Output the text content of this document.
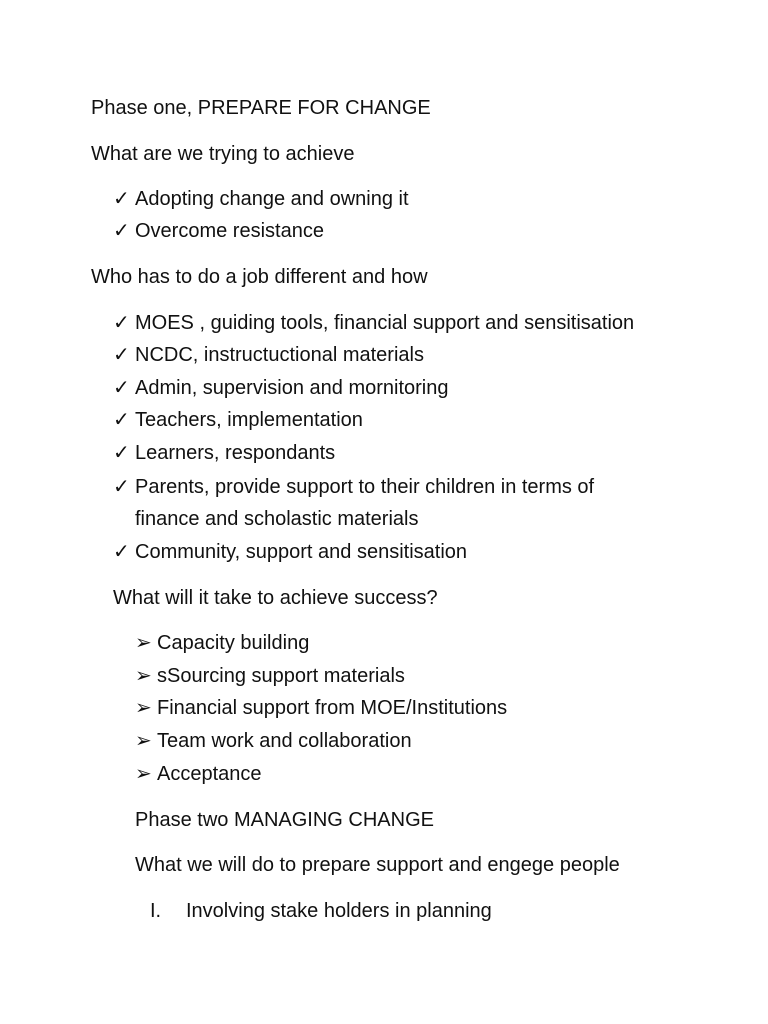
Phase one, PREPARE FOR CHANGE
What are we trying to achieve
✓ Adopting change and owning it
✓ Overcome resistance
Who has to do a job different and how
✓ MOES , guiding tools, financial support and sensitisation
✓ NCDC, instructuctional materials
✓ Admin, supervision and mornitoring
✓ Teachers, implementation
✓ Learners, respondants
✓ Parents, provide support to their children in terms of
finance and scholastic materials
✓ Community, support and sensitisation
What will it take to achieve success?
➢ Capacity building
➢ sSourcing support materials
➢ Financial support from MOE/Institutions
➢ Team work and collaboration
➢ Acceptance
Phase two MANAGING CHANGE
What we will do to prepare support and engege people
I. Involving stake holders in planning
